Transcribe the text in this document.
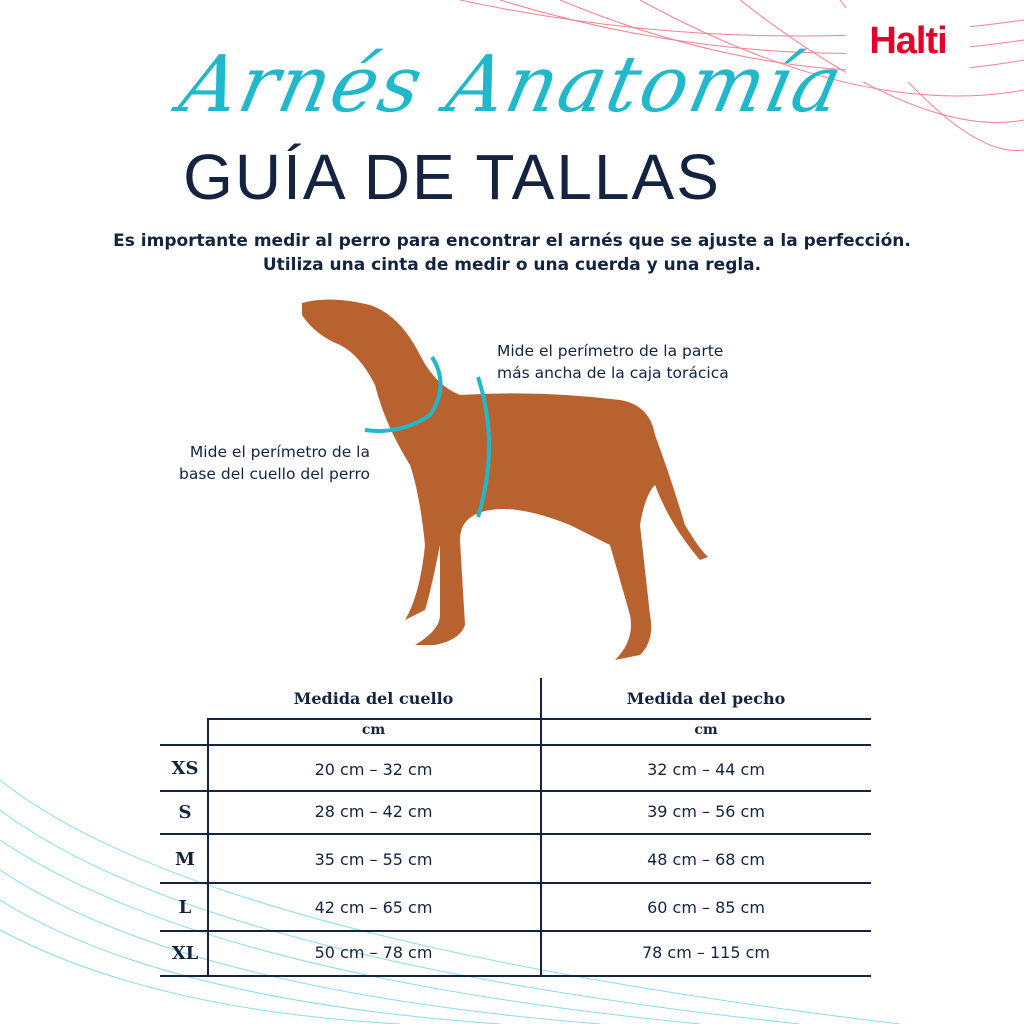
Halti
Arnés Anatomía
GUÍA DE TALLAS
Es importante medir al perro para encontrar el arnés que se ajuste a la perfección.
Utiliza una cinta de medir o una cuerda y una regla.
Mide el perímetro de la parte
más ancha de la caja torácica
Mide el perímetro de la
base del cuello del perro
Medida del cuello	Medida del pecho
cm	cm
XS	20 cm – 32 cm	32 cm – 44 cm
S	28 cm – 42 cm	39 cm – 56 cm
M	35 cm – 55 cm	48 cm – 68 cm
L	42 cm – 65 cm	60 cm – 85 cm
XL	50 cm – 78 cm	78 cm – 115 cm
